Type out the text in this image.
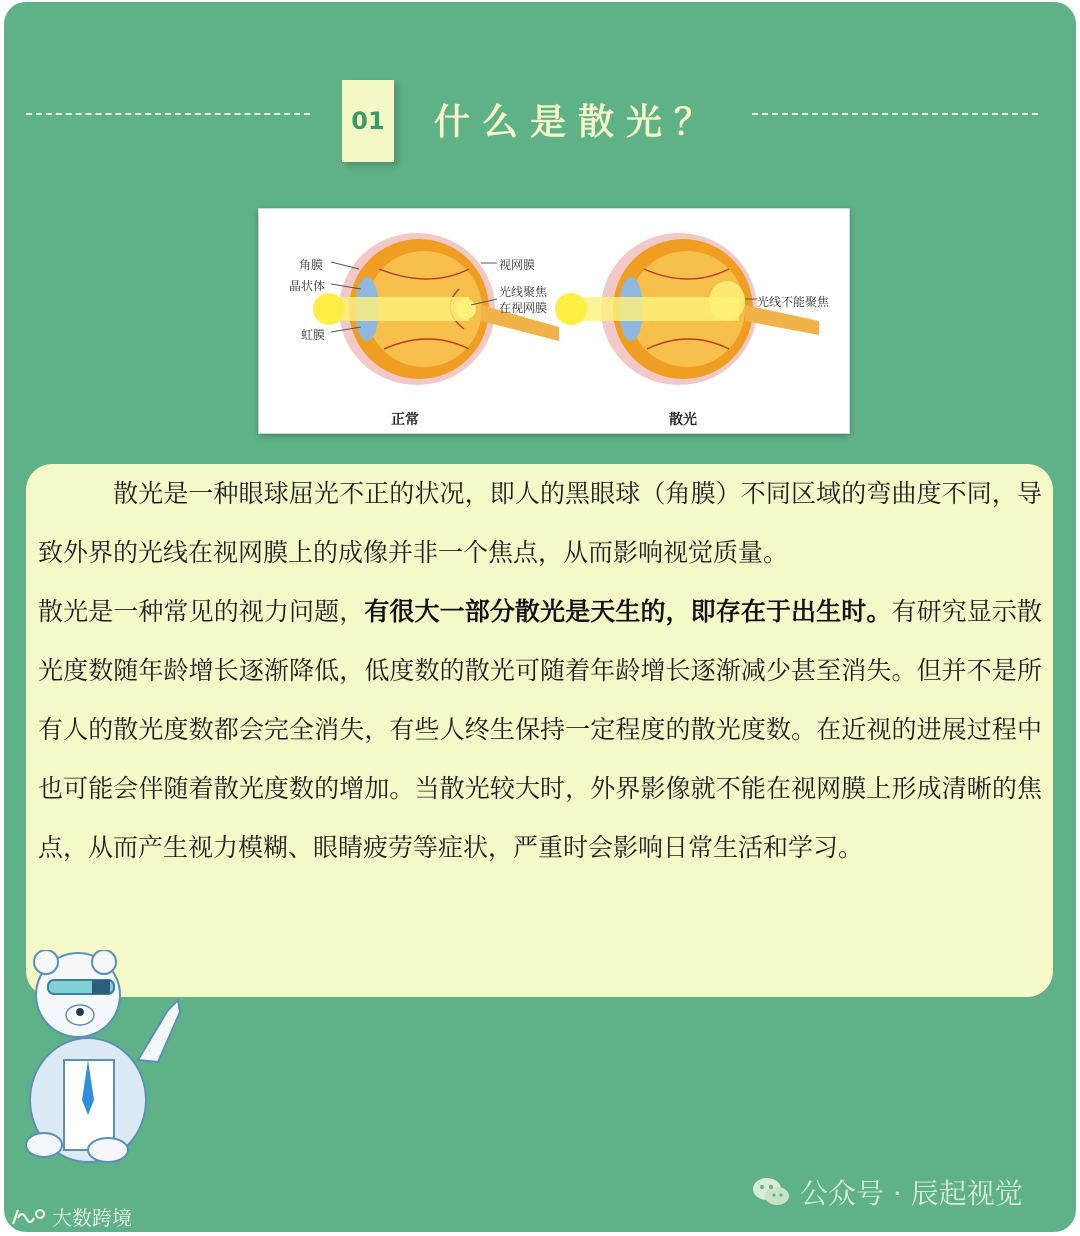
01 什么是散光？
角膜
晶状体
虹膜
视网膜
光线聚焦
在视网膜	光线不能聚焦
正常	散光

散光是一种眼球屈光不正的状况，即人的黑眼球（角膜）不同区域的弯曲度不同，导致外界的光线在视网膜上的成像并非一个焦点，从而影响视觉质量。
散光是一种常见的视力问题，有很大一部分散光是天生的，即存在于出生时。有研究显示散光度数随年龄增长逐渐降低，低度数的散光可随着年龄增长逐渐减少甚至消失。但并不是所有人的散光度数都会完全消失，有些人终生保持一定程度的散光度数。在近视的进展过程中也可能会伴随着散光度数的增加。当散光较大时，外界影像就不能在视网膜上形成清晰的焦点，从而产生视力模糊、眼睛疲劳等症状，严重时会影响日常生活和学习。

公众号 · 辰起视觉
大数跨境
